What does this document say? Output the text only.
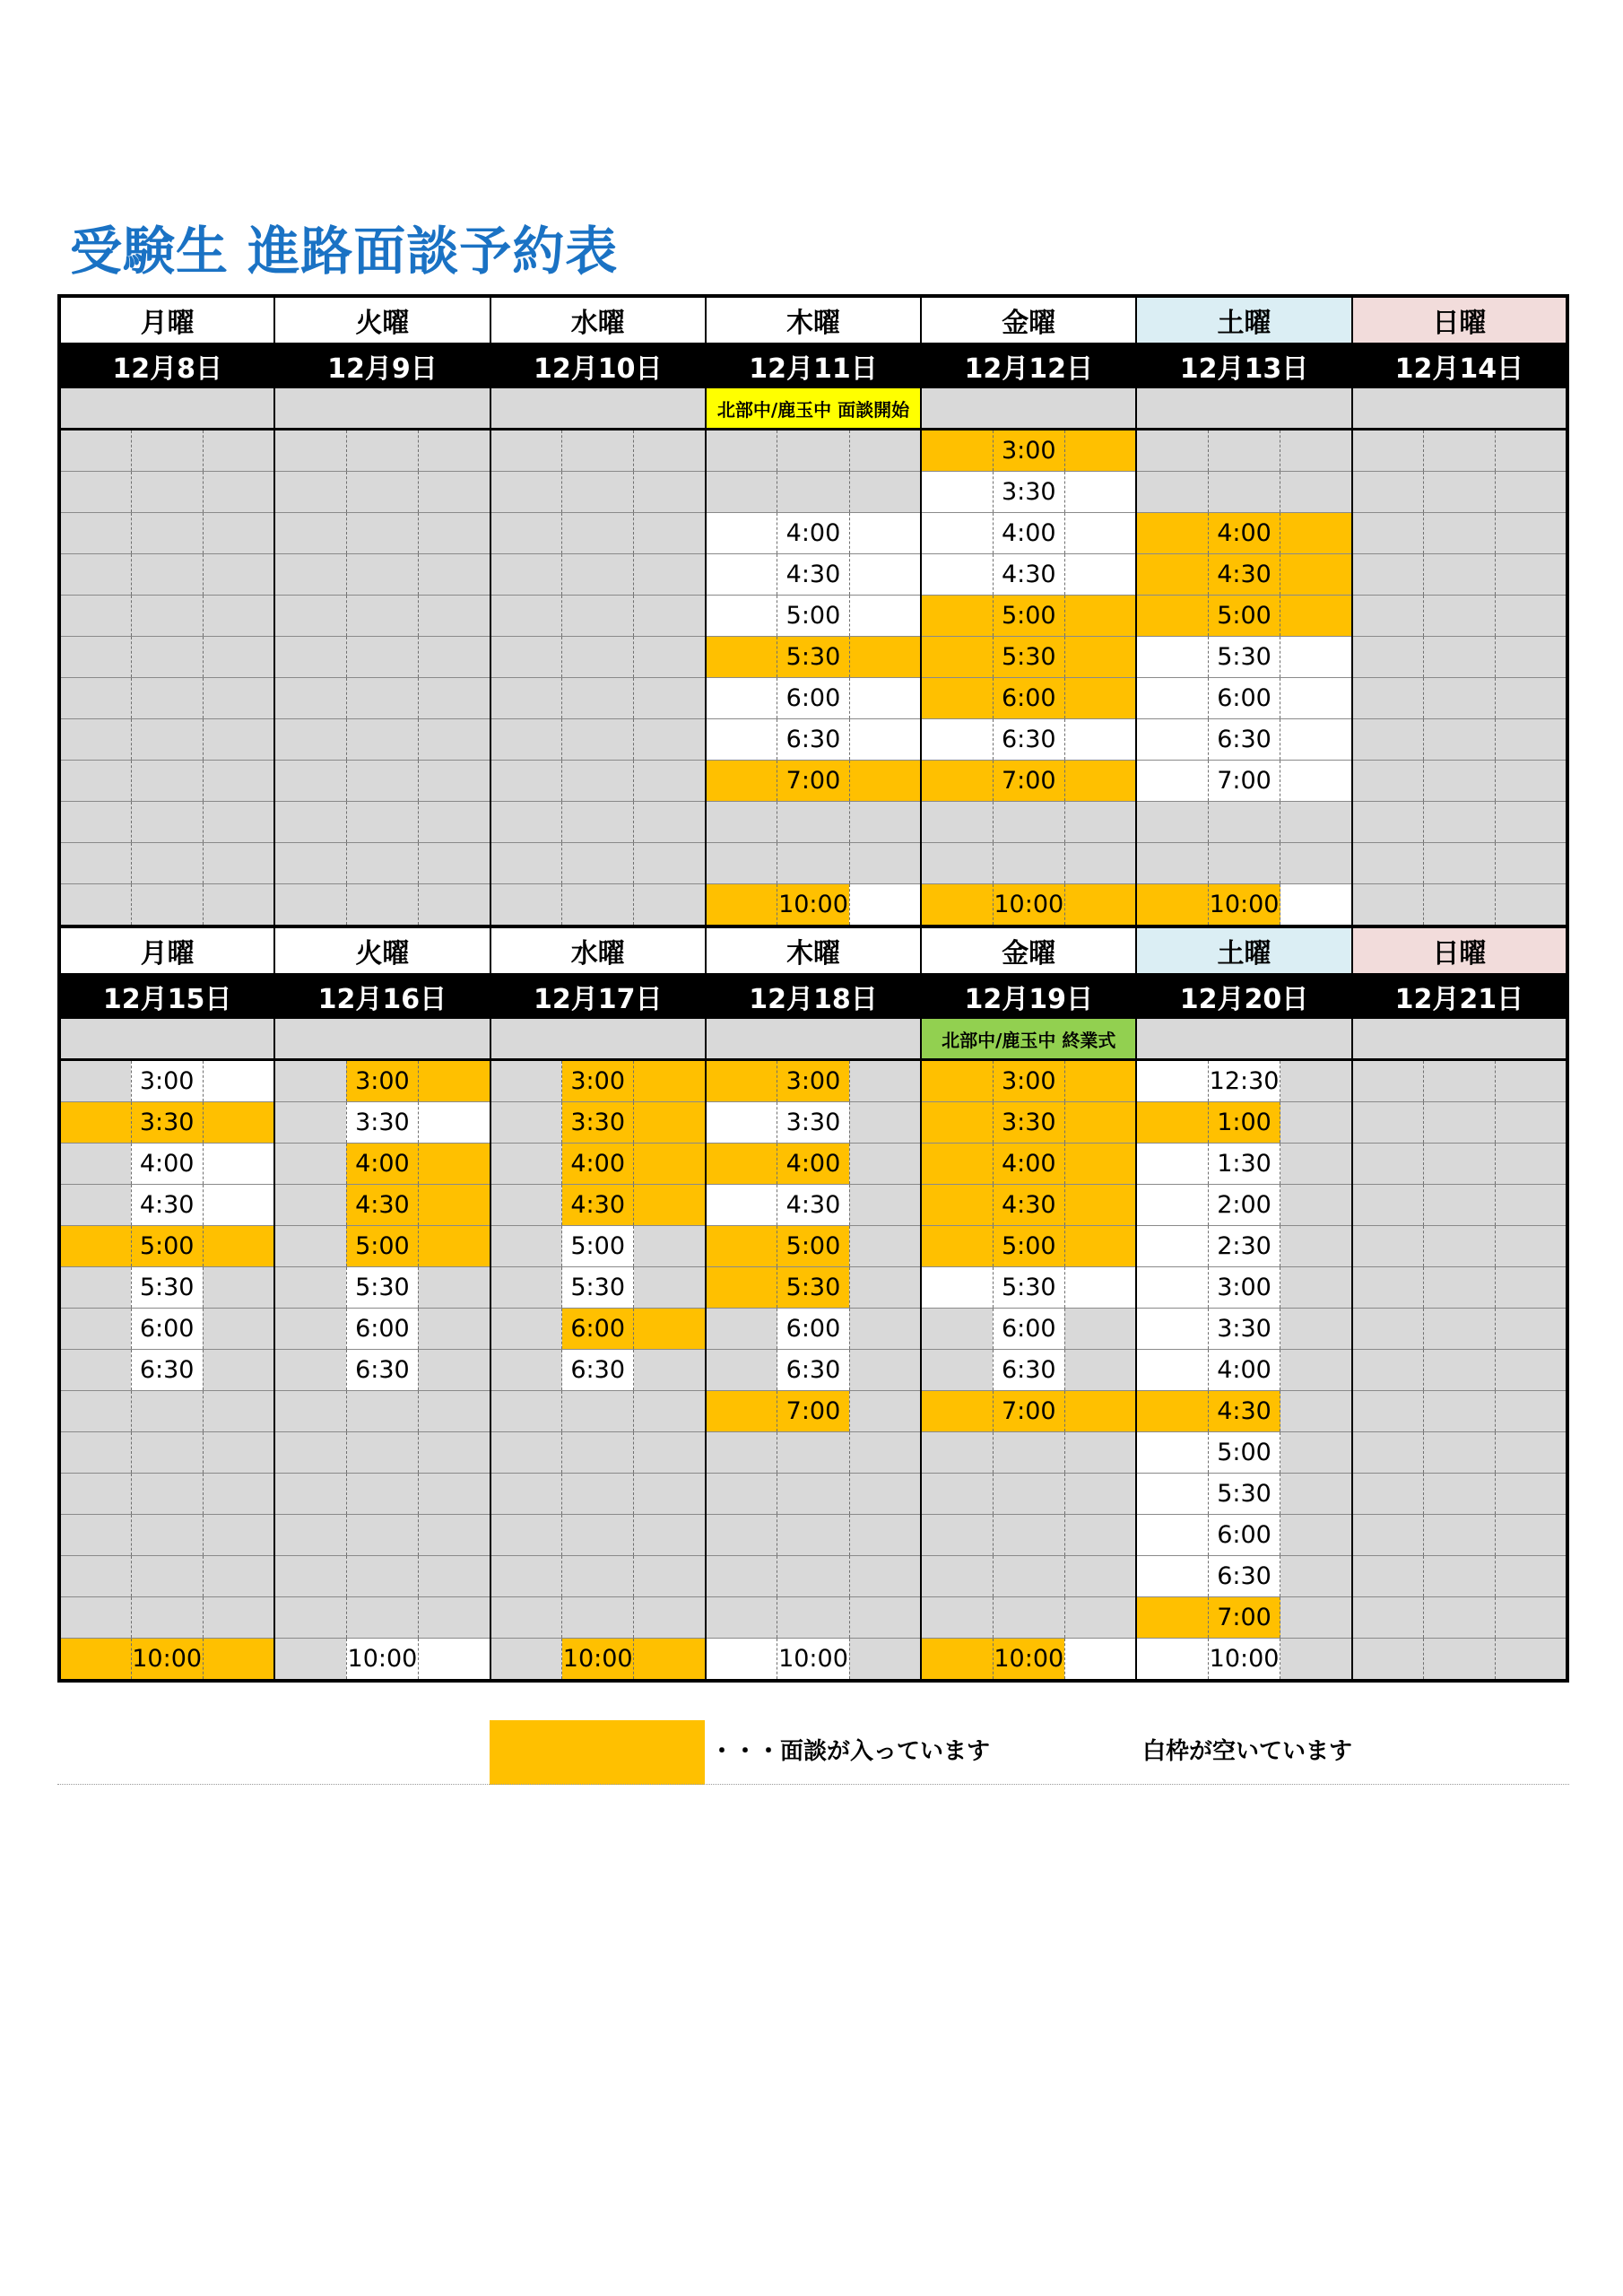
受験生 進路面談予約表
月曜			火曜			水曜			木曜			金曜			土曜			日曜		
12月8日			12月9日			12月10日			12月11日			12月12日			12月13日			12月14日		
									北部中/鹿玉中 面談開始											
													3:00							
													3:30							
										4:00			4:00			4:00				
										4:30			4:30			4:30				
										5:00			5:00			5:00				
										5:30			5:30			5:30				
										6:00			6:00			6:00				
										6:30			6:30			6:30				
										7:00			7:00			7:00				

										10:00			10:00			10:00				
月曜			火曜			水曜			木曜			金曜			土曜			日曜		
12月15日			12月16日			12月17日			12月18日			12月19日			12月20日			12月21日		
												北部中/鹿玉中 終業式								
	3:00			3:00			3:00			3:00			3:00			12:30				
	3:30			3:30			3:30			3:30			3:30			1:00				
	4:00			4:00			4:00			4:00			4:00			1:30				
	4:30			4:30			4:30			4:30			4:30			2:00				
	5:00			5:00			5:00			5:00			5:00			2:30				
	5:30			5:30			5:30			5:30			5:30			3:00				
	6:00			6:00			6:00			6:00			6:00			3:30				
	6:30			6:30			6:30			6:30			6:30			4:00				
										7:00			7:00			4:30				
																5:00				
																5:30				
																6:00				
																6:30				
																7:00				
	10:00			10:00			10:00			10:00			10:00			10:00				
・・・面談が入っています	白枠が空いています
